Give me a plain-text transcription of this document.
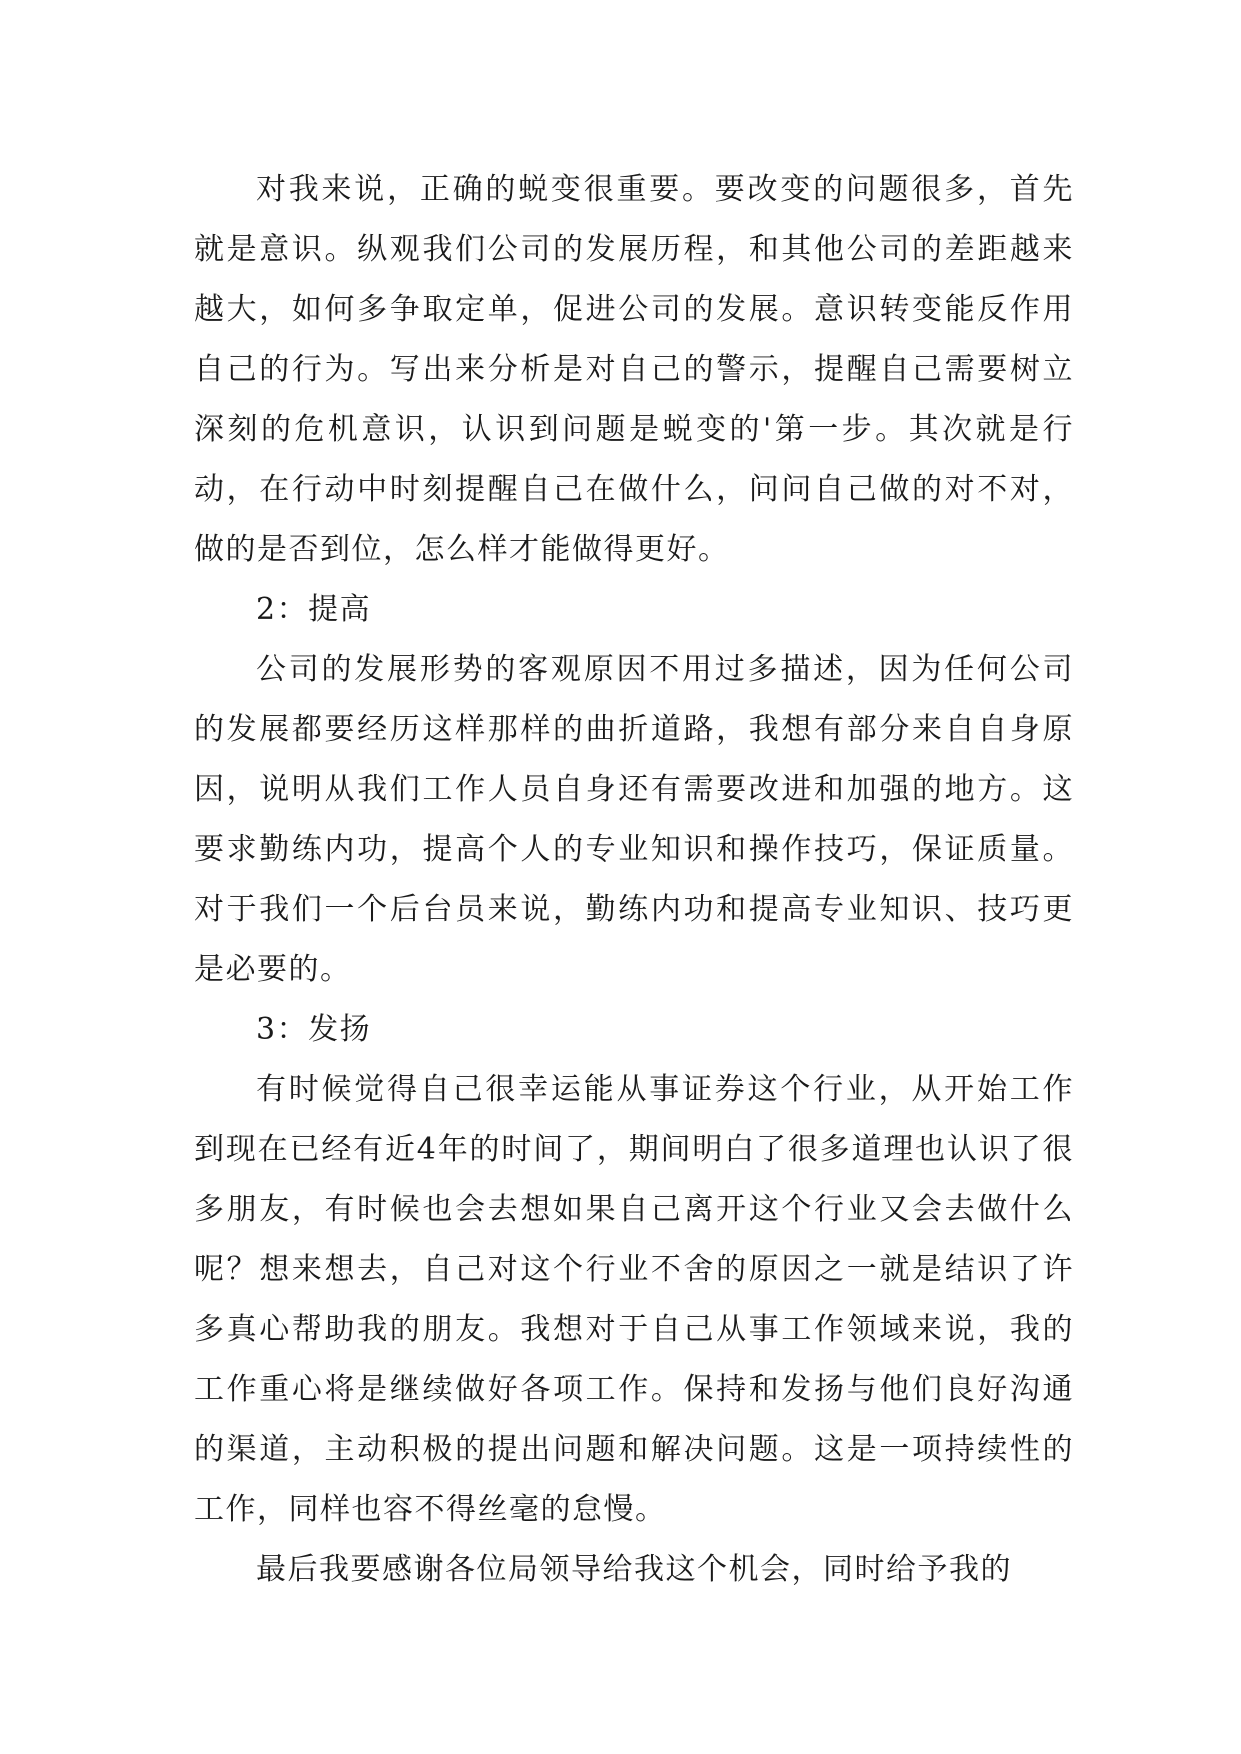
对我来说，正确的蜕变很重要。要改变的问题很多，首先就是意识。纵观我们公司的发展历程，和其他公司的差距越来越大，如何多争取定单，促进公司的发展。意识转变能反作用自己的行为。写出来分析是对自己的警示，提醒自己需要树立深刻的危机意识，认识到问题是蜕变的'第一步。其次就是行动，在行动中时刻提醒自己在做什么，问问自己做的对不对，做的是否到位，怎么样才能做得更好。

2：提高

公司的发展形势的客观原因不用过多描述，因为任何公司的发展都要经历这样那样的曲折道路，我想有部分来自自身原因，说明从我们工作人员自身还有需要改进和加强的地方。这要求勤练内功，提高个人的专业知识和操作技巧，保证质量。对于我们一个后台员来说，勤练内功和提高专业知识、技巧更是必要的。

3：发扬

有时候觉得自己很幸运能从事证券这个行业，从开始工作到现在已经有近4年的时间了，期间明白了很多道理也认识了很多朋友，有时候也会去想如果自己离开这个行业又会去做什么呢？想来想去，自己对这个行业不舍的原因之一就是结识了许多真心帮助我的朋友。我想对于自己从事工作领域来说，我的工作重心将是继续做好各项工作。保持和发扬与他们良好沟通的渠道，主动积极的提出问题和解决问题。这是一项持续性的工作，同样也容不得丝毫的怠慢。

最后我要感谢各位局领导给我这个机会，同时给予我的
